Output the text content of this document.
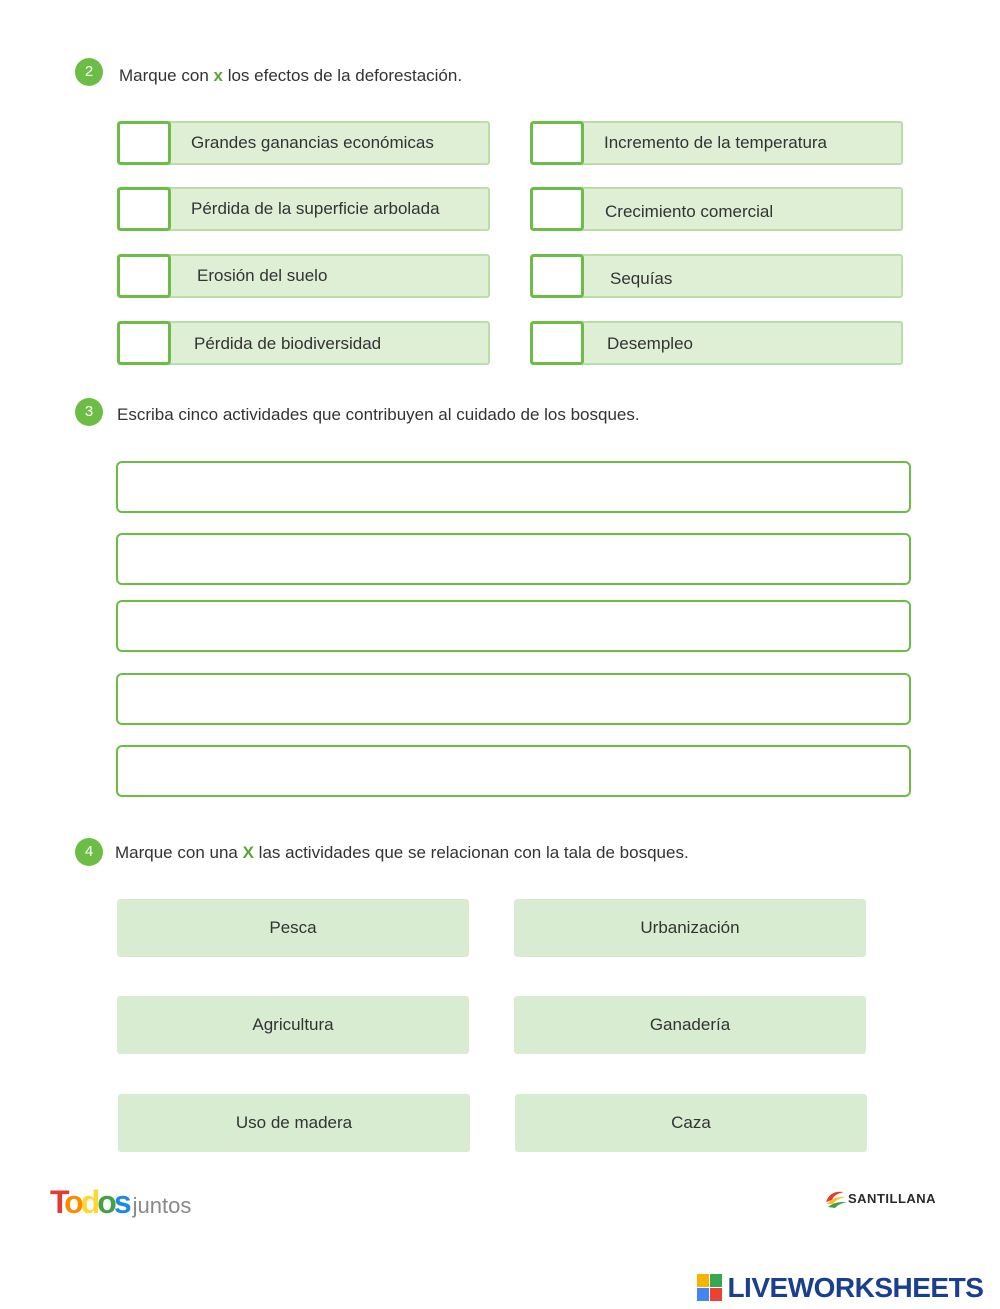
2	Marque con x los efectos de la deforestación.
Grandes ganancias económicas	Incremento de la temperatura
Pérdida de la superficie arbolada	Crecimiento comercial
Erosión del suelo	Sequías
Pérdida de biodiversidad	Desempleo
3	Escriba cinco actividades que contribuyen al cuidado de los bosques.
4	Marque con una X las actividades que se relacionan con la tala de bosques.
Pesca	Urbanización
Agricultura	Ganadería
Uso de madera	Caza
Todos juntos	SANTILLANA
LIVEWORKSHEETS
